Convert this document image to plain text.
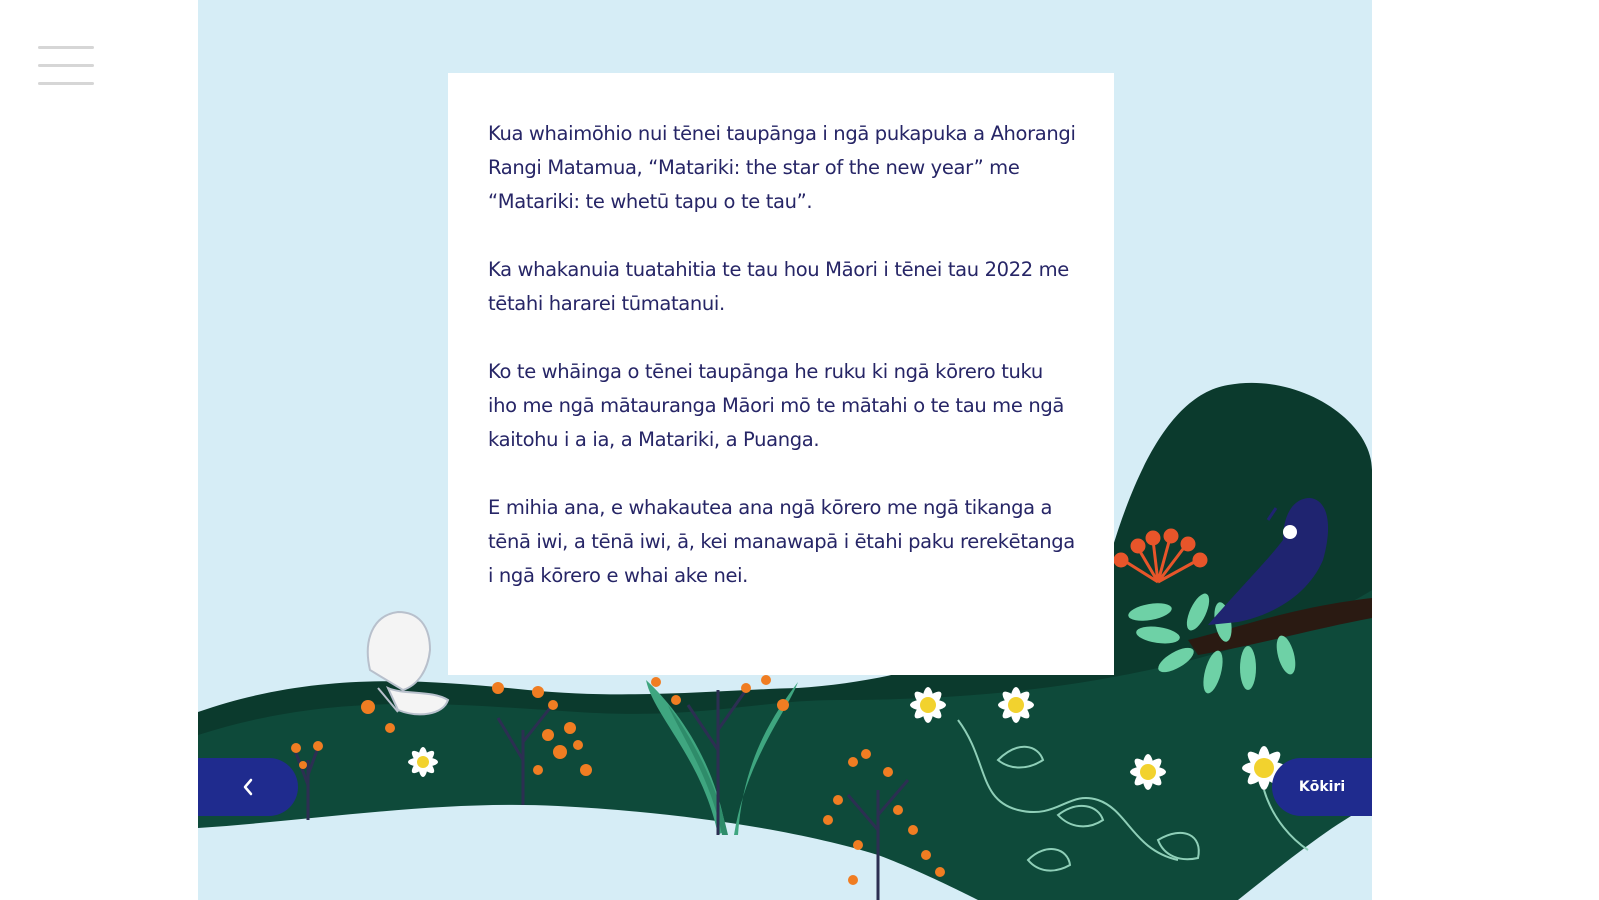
Kua whaimōhio nui tēnei taupānga i ngā pukapuka a Ahorangi Rangi Matamua, “Matariki: the star of the new year” me “Matariki: te whetū tapu o te tau”.

Ka whakanuia tuatahitia te tau hou Māori i tēnei tau 2022 me tētahi hararei tūmatanui.

Ko te whāinga o tēnei taupānga he ruku ki ngā kōrero tuku iho me ngā mātauranga Māori mō te mātahi o te tau me ngā kaitohu i a ia, a Matariki, a Puanga.

E mihia ana, e whakautea ana ngā kōrero me ngā tikanga a tēnā iwi, a tēnā iwi, ā, kei manawapā i ētahi paku rerekētanga i ngā kōrero e whai ake nei.

Kōkiri
